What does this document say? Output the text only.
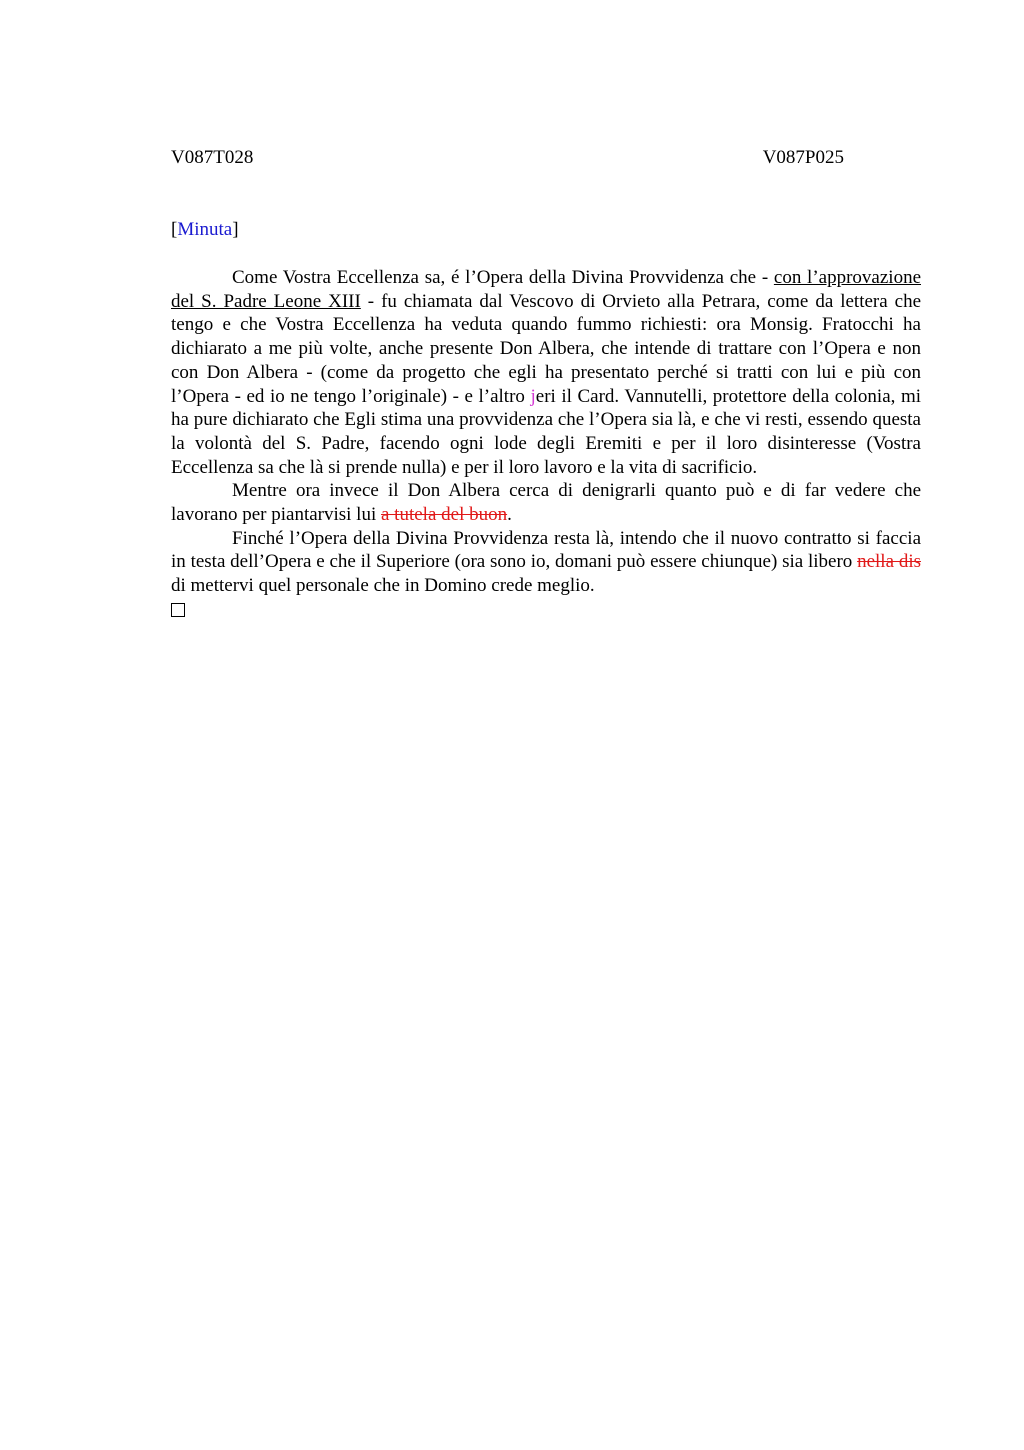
V087T028	V087P025
[Minuta]

Come Vostra Eccellenza sa, é l’Opera della Divina Provvidenza che - con l’approvazione del S. Padre Leone XIII - fu chiamata dal Vescovo di Orvieto alla Petrara, come da lettera che tengo e che Vostra Eccellenza ha veduta quando fummo richiesti: ora Monsig. Fratocchi ha dichiarato a me più volte, anche presente Don Albera, che intende di trattare con l’Opera e non con Don Albera - (come da progetto che egli ha presentato perché si tratti con lui e più con l’Opera - ed io ne tengo l’originale) - e l’altro jeri il Card. Vannutelli, protettore della colonia, mi ha pure dichiarato che Egli stima una provvidenza che l’Opera sia là, e che vi resti, essendo questa la volontà del S. Padre, facendo ogni lode degli Eremiti e per il loro disinteresse (Vostra Eccellenza sa che là si prende nulla) e per il loro lavoro e la vita di sacrificio.

Mentre ora invece il Don Albera cerca di denigrarli quanto può e di far vedere che lavorano per piantarvisi lui a tutela del buon.

Finché l’Opera della Divina Provvidenza resta là, intendo che il nuovo contratto si faccia in testa dell’Opera e che il Superiore (ora sono io, domani può essere chiunque) sia libero nella dis di mettervi quel personale che in Domino crede meglio.
